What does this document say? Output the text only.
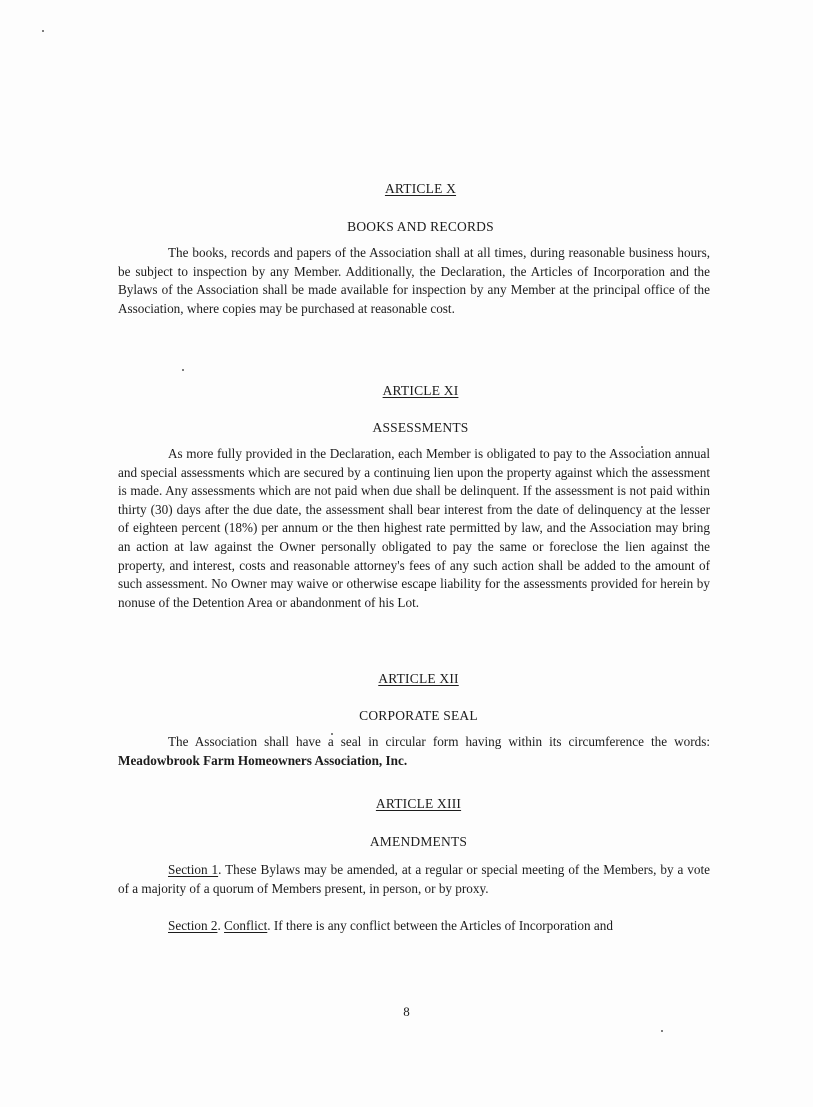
ARTICLE X
BOOKS AND RECORDS

The books, records and papers of the Association shall at all times, during reasonable business hours, be subject to inspection by any Member. Additionally, the Declaration, the Articles of Incorporation and the Bylaws of the Association shall be made available for inspection by any Member at the principal office of the Association, where copies may be purchased at reasonable cost.

ARTICLE XI
ASSESSMENTS

As more fully provided in the Declaration, each Member is obligated to pay to the Association annual and special assessments which are secured by a continuing lien upon the property against which the assessment is made. Any assessments which are not paid when due shall be delinquent. If the assessment is not paid within thirty (30) days after the due date, the assessment shall bear interest from the date of delinquency at the lesser of eighteen percent (18%) per annum or the then highest rate permitted by law, and the Association may bring an action at law against the Owner personally obligated to pay the same or foreclose the lien against the property, and interest, costs and reasonable attorney's fees of any such action shall be added to the amount of such assessment. No Owner may waive or otherwise escape liability for the assessments provided for herein by nonuse of the Detention Area or abandonment of his Lot.

ARTICLE XII
CORPORATE SEAL

The Association shall have a seal in circular form having within its circumference the words: Meadowbrook Farm Homeowners Association, Inc.

ARTICLE XIII
AMENDMENTS

Section 1. These Bylaws may be amended, at a regular or special meeting of the Members, by a vote of a majority of a quorum of Members present, in person, or by proxy.

Section 2. Conflict. If there is any conflict between the Articles of Incorporation and

8
